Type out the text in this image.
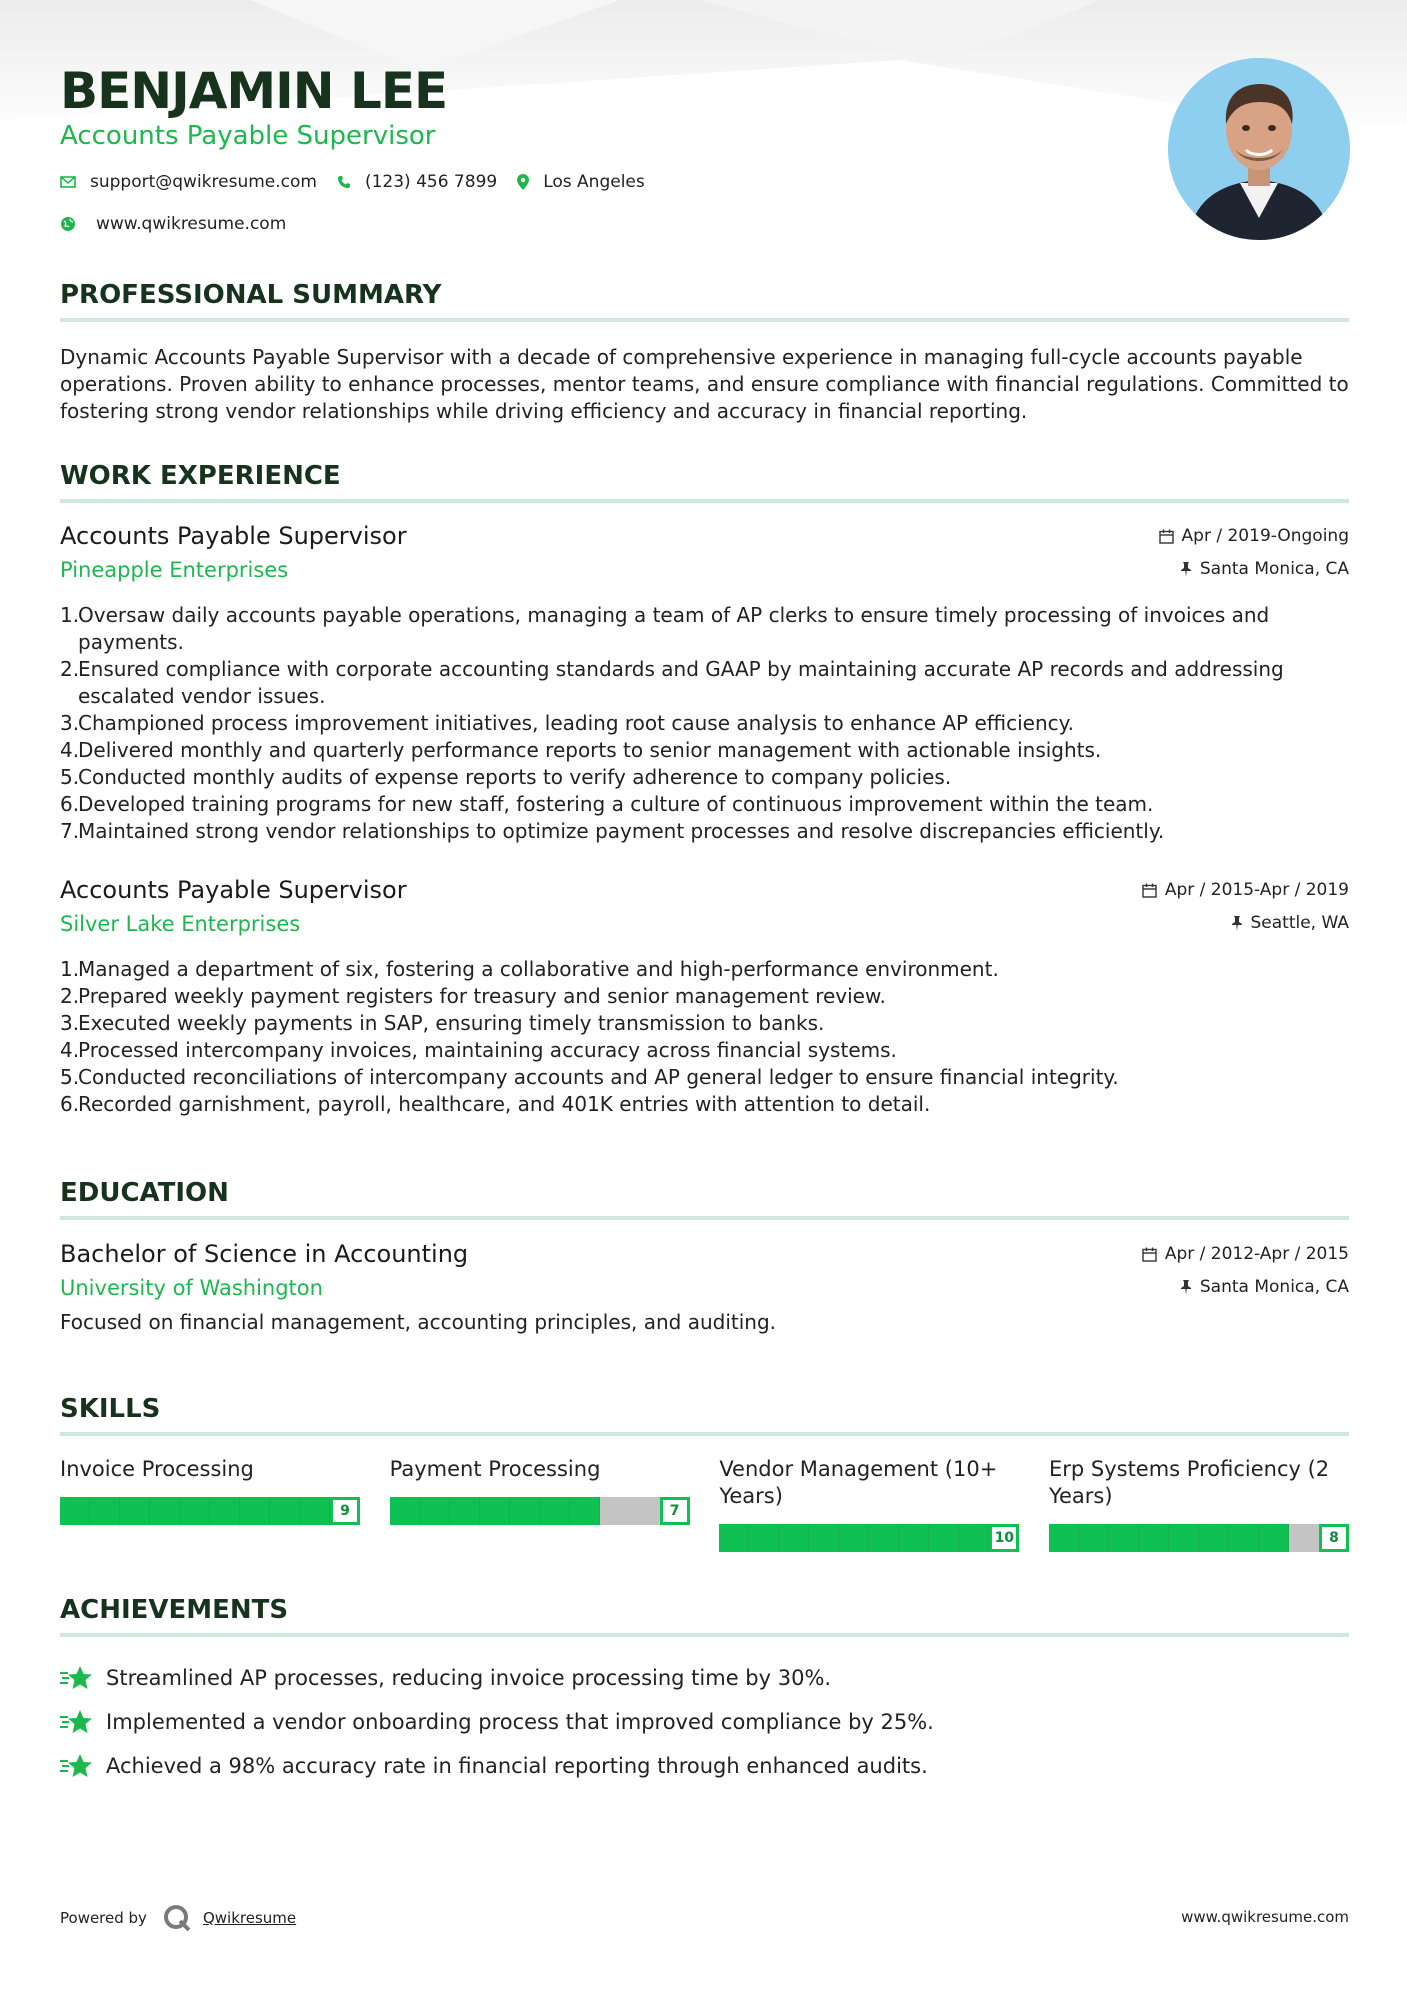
BENJAMIN LEE
Accounts Payable Supervisor
support@qwikresume.com	(123) 456 7899	Los Angeles
www.qwikresume.com
PROFESSIONAL SUMMARY
Dynamic Accounts Payable Supervisor with a decade of comprehensive experience in managing full-cycle accounts payable operations. Proven ability to enhance processes, mentor teams, and ensure compliance with financial regulations. Committed to fostering strong vendor relationships while driving efficiency and accuracy in financial reporting.
WORK EXPERIENCE
Accounts Payable Supervisor
Pineapple Enterprises
Apr / 2019-Ongoing
Santa Monica, CA
1.
Oversaw daily accounts payable operations, managing a team of AP clerks to ensure timely processing of invoices and payments.
2.
Ensured compliance with corporate accounting standards and GAAP by maintaining accurate AP records and addressing escalated vendor issues.
3.
Championed process improvement initiatives, leading root cause analysis to enhance AP efficiency.
4.
Delivered monthly and quarterly performance reports to senior management with actionable insights.
5.
Conducted monthly audits of expense reports to verify adherence to company policies.
6.
Developed training programs for new staff, fostering a culture of continuous improvement within the team.
7.
Maintained strong vendor relationships to optimize payment processes and resolve discrepancies efficiently.
Accounts Payable Supervisor
Silver Lake Enterprises
Apr / 2015-Apr / 2019
Seattle, WA
1.
Managed a department of six, fostering a collaborative and high-performance environment.
2.
Prepared weekly payment registers for treasury and senior management review.
3.
Executed weekly payments in SAP, ensuring timely transmission to banks.
4.
Processed intercompany invoices, maintaining accuracy across financial systems.
5.
Conducted reconciliations of intercompany accounts and AP general ledger to ensure financial integrity.
6.
Recorded garnishment, payroll, healthcare, and 401K entries with attention to detail.
EDUCATION
Bachelor of Science in Accounting
University of Washington
Apr / 2012-Apr / 2015
Santa Monica, CA
Focused on financial management, accounting principles, and auditing.
SKILLS
Invoice Processing
9
Payment Processing
7
Vendor Management (10+ Years)
10
Erp Systems Proficiency (2 Years)
8
ACHIEVEMENTS
Streamlined AP processes, reducing invoice processing time by 30%.
Implemented a vendor onboarding process that improved compliance by 25%.
Achieved a 98% accuracy rate in financial reporting through enhanced audits.
Powered by	Qwikresume	www.qwikresume.com
